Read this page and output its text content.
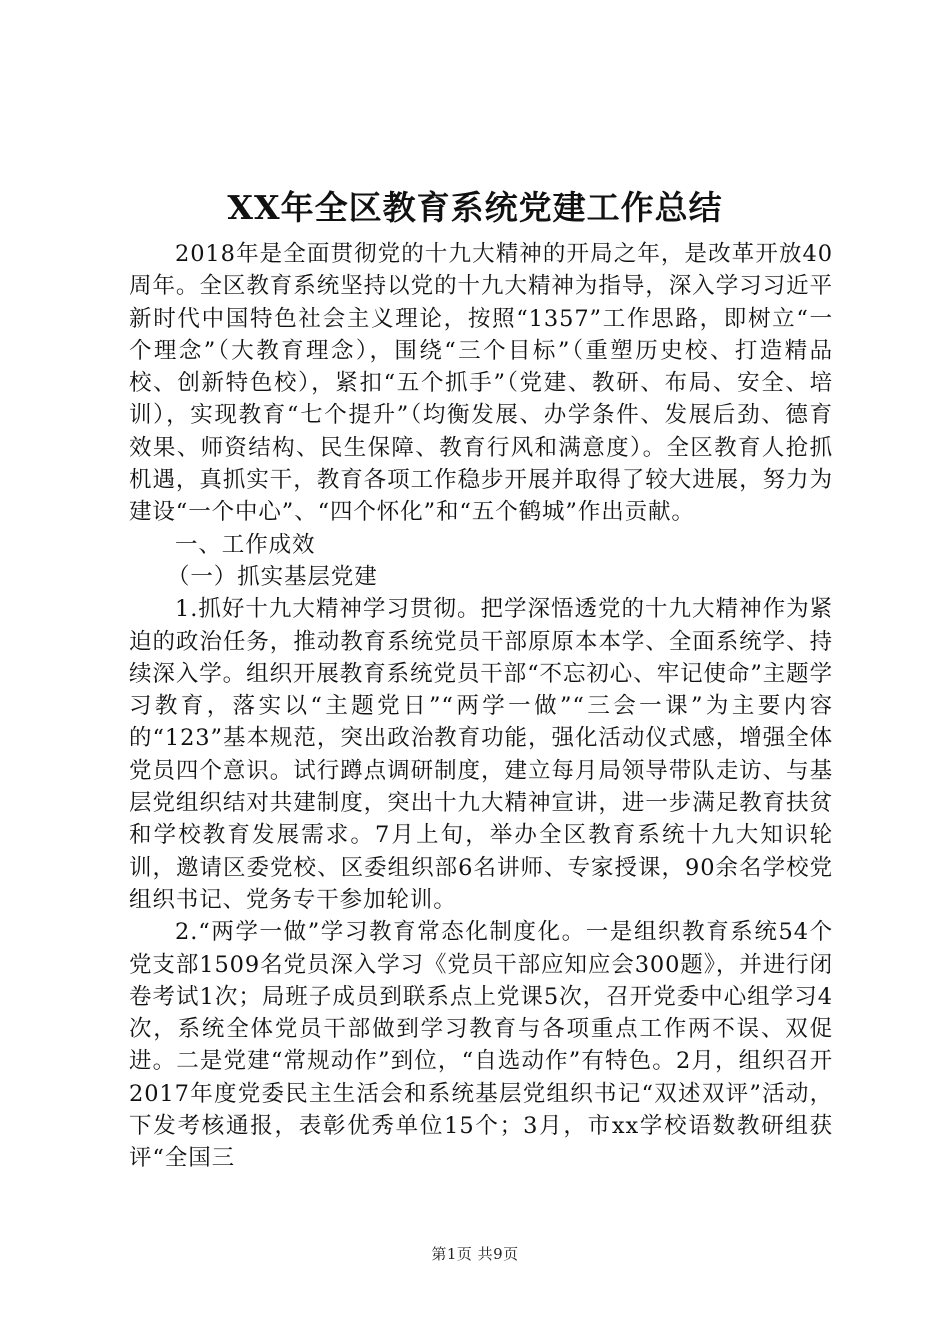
XX年全区教育系统党建工作总结

2018年是全面贯彻党的十九大精神的开局之年，是改革开放40周年。全区教育系统坚持以党的十九大精神为指导，深入学习习近平新时代中国特色社会主义理论，按照“1357”工作思路，即树立“一个理念”（大教育理念），围绕“三个目标”（重塑历史校、打造精品校、创新特色校），紧扣“五个抓手”（党建、教研、布局、安全、培训），实现教育“七个提升”（均衡发展、办学条件、发展后劲、德育效果、师资结构、民生保障、教育行风和满意度）。全区教育人抢抓机遇，真抓实干，教育各项工作稳步开展并取得了较大进展，努力为建设“一个中心”、“四个怀化”和“五个鹤城”作出贡献。

一、工作成效

（一）抓实基层党建

1.抓好十九大精神学习贯彻。把学深悟透党的十九大精神作为紧迫的政治任务，推动教育系统党员干部原原本本学、全面系统学、持续深入学。组织开展教育系统党员干部“不忘初心、牢记使命”主题学习教育，落实以“主题党日”“两学一做”“三会一课”为主要内容的“123”基本规范，突出政治教育功能，强化活动仪式感，增强全体党员四个意识。试行蹲点调研制度，建立每月局领导带队走访、与基层党组织结对共建制度，突出十九大精神宣讲，进一步满足教育扶贫和学校教育发展需求。7月上旬，举办全区教育系统十九大知识轮训，邀请区委党校、区委组织部6名讲师、专家授课，90余名学校党组织书记、党务专干参加轮训。

2.“两学一做”学习教育常态化制度化。一是组织教育系统54个党支部1509名党员深入学习《党员干部应知应会300题》，并进行闭卷考试1次；局班子成员到联系点上党课5次，召开党委中心组学习4次，系统全体党员干部做到学习教育与各项重点工作两不误、双促进。二是党建“常规动作”到位，“自选动作”有特色。2月，组织召开2017年度党委民主生活会和系统基层党组织书记“双述双评”活动，下发考核通报，表彰优秀单位15个；3月，市xx学校语数教研组获评“全国三

第1页 共9页
